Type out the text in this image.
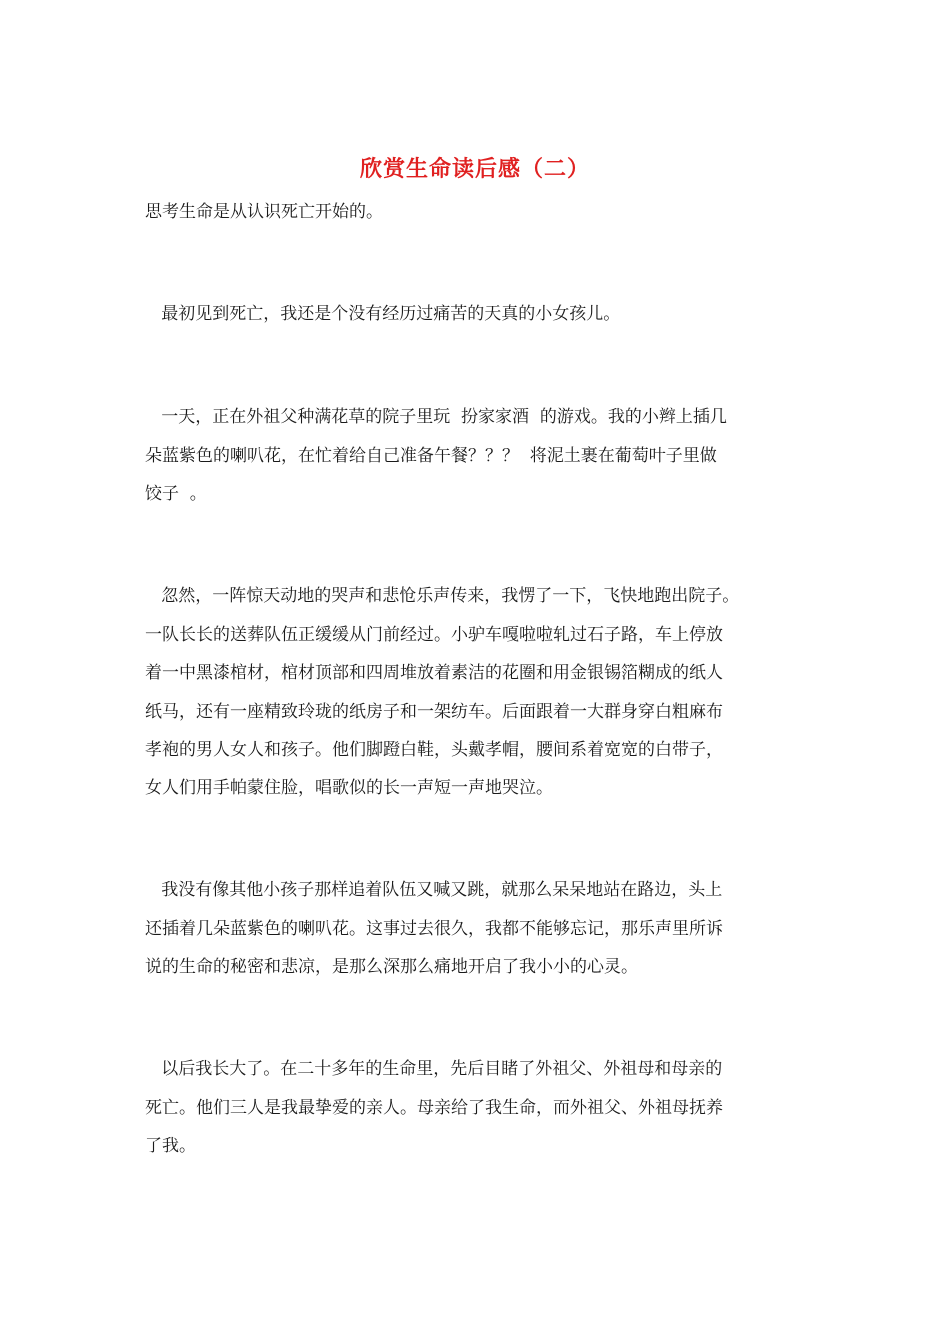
欣赏生命读后感（二）
思考生命是从认识死亡开始的。
最初见到死亡，我还是个没有经历过痛苦的天真的小女孩儿。
一天，正在外祖父种满花草的院子里玩  扮家家酒  的游戏。我的小辫上插几
朵蓝紫色的喇叭花，在忙着给自己准备午餐？？？  将泥土裹在葡萄叶子里做
饺子  。
忽然，一阵惊天动地的哭声和悲怆乐声传来，我愣了一下，飞快地跑出院子。
一队长长的送葬队伍正缓缓从门前经过。小驴车嘎啦啦轧过石子路，车上停放
着一中黑漆棺材，棺材顶部和四周堆放着素洁的花圈和用金银锡箔糊成的纸人
纸马，还有一座精致玲珑的纸房子和一架纺车。后面跟着一大群身穿白粗麻布
孝袍的男人女人和孩子。他们脚蹬白鞋，头戴孝帽，腰间系着宽宽的白带子，
女人们用手帕蒙住脸，唱歌似的长一声短一声地哭泣。
我没有像其他小孩子那样追着队伍又喊又跳，就那么呆呆地站在路边，头上
还插着几朵蓝紫色的喇叭花。这事过去很久，我都不能够忘记，那乐声里所诉
说的生命的秘密和悲凉，是那么深那么痛地开启了我小小的心灵。
以后我长大了。在二十多年的生命里，先后目睹了外祖父、外祖母和母亲的
死亡。他们三人是我最挚爱的亲人。母亲给了我生命，而外祖父、外祖母抚养
了我。
